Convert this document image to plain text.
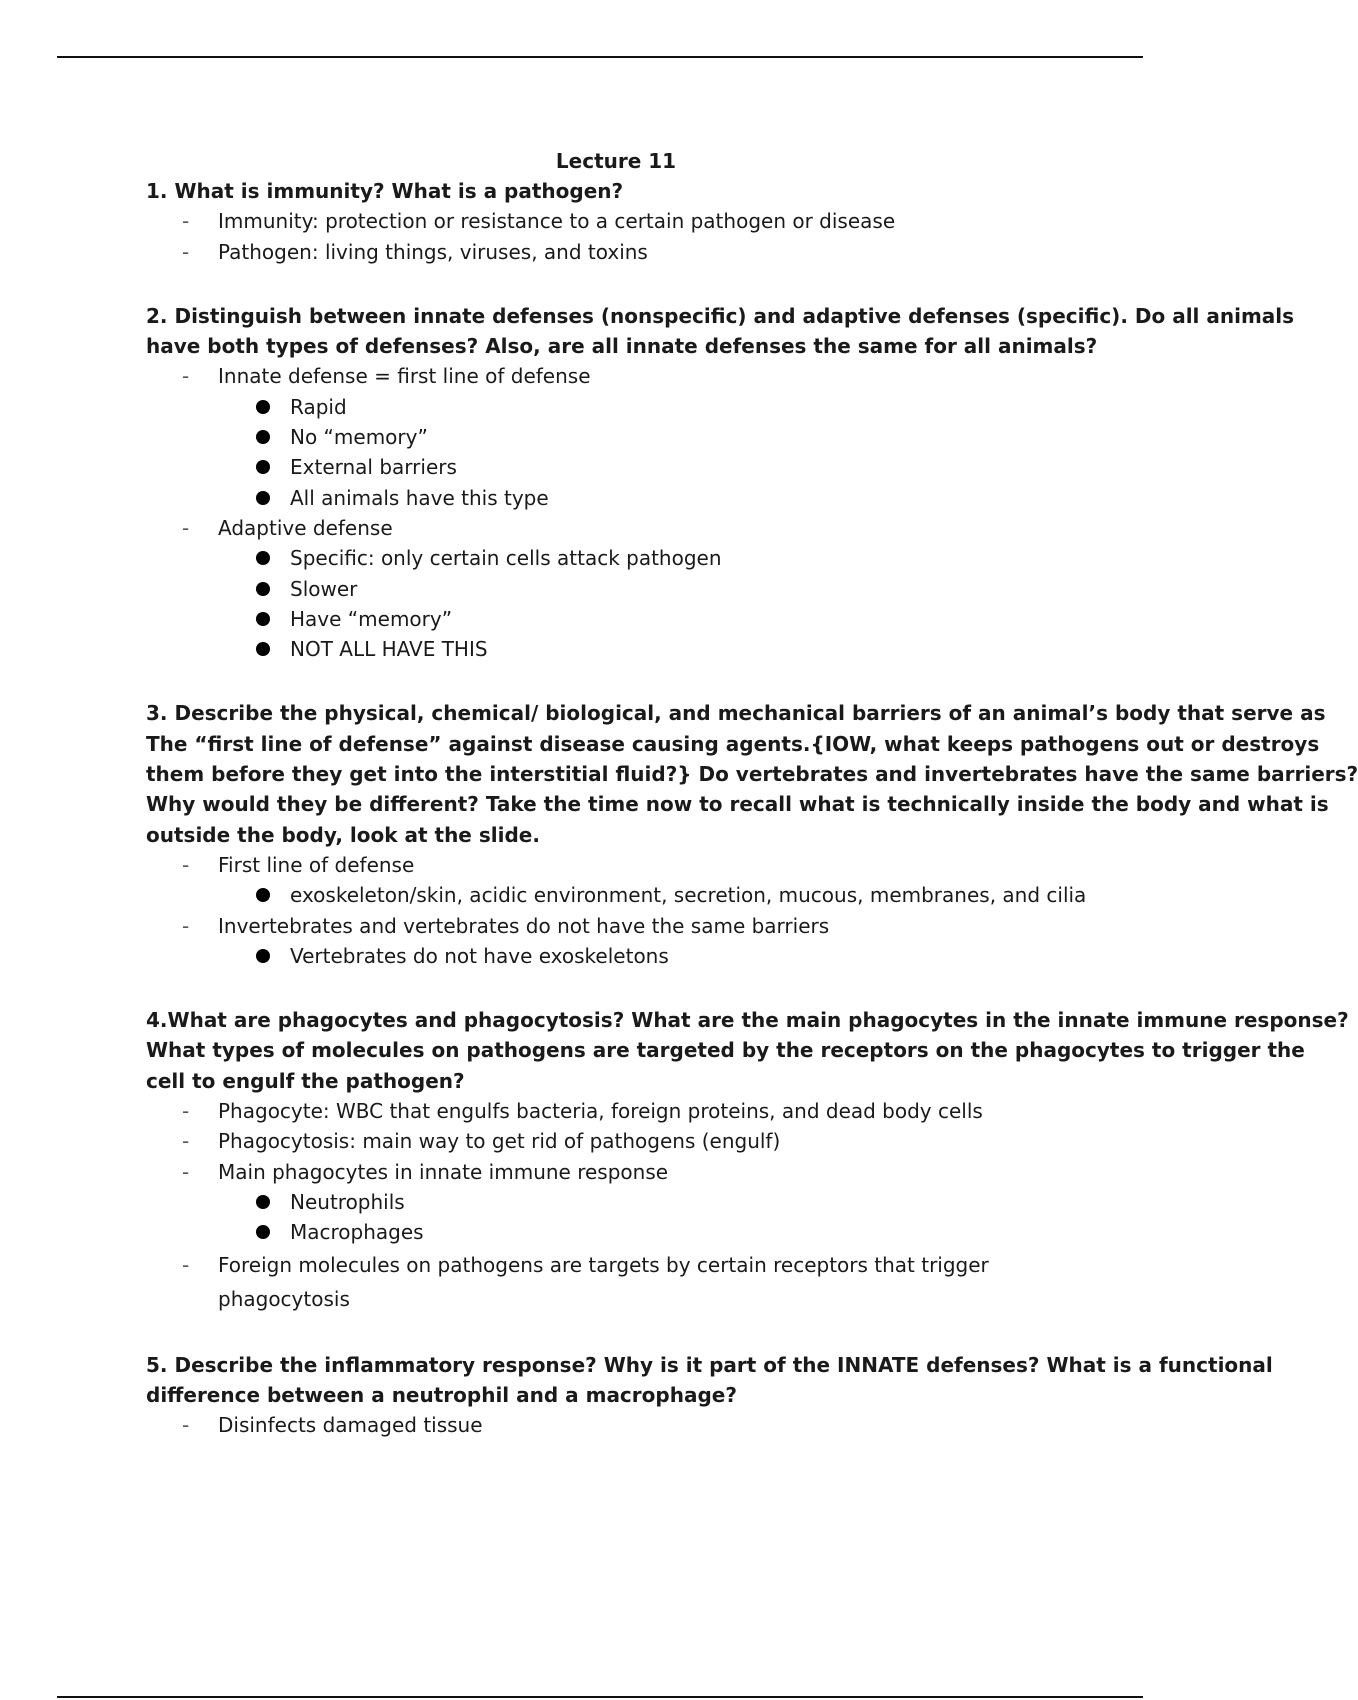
Lecture 11
1. What is immunity? What is a pathogen?
- Immunity: protection or resistance to a certain pathogen or disease
- Pathogen: living things, viruses, and toxins
2. Distinguish between innate defenses (nonspecific) and adaptive defenses (specific). Do all animals
have both types of defenses? Also, are all innate defenses the same for all animals?
- Innate defense = first line of defense
Rapid
No “memory”
External barriers
All animals have this type
- Adaptive defense
Specific: only certain cells attack pathogen
Slower
Have “memory”
NOT ALL HAVE THIS
3. Describe the physical, chemical/ biological, and mechanical barriers of an animal’s body that serve as
The “first line of defense” against disease causing agents.{IOW, what keeps pathogens out or destroys
them before they get into the interstitial fluid?} Do vertebrates and invertebrates have the same barriers?
Why would they be different? Take the time now to recall what is technically inside the body and what is
outside the body, look at the slide.
- First line of defense
exoskeleton/skin, acidic environment, secretion, mucous, membranes, and cilia
- Invertebrates and vertebrates do not have the same barriers
Vertebrates do not have exoskeletons
4.What are phagocytes and phagocytosis? What are the main phagocytes in the innate immune response?
What types of molecules on pathogens are targeted by the receptors on the phagocytes to trigger the
cell to engulf the pathogen?
- Phagocyte: WBC that engulfs bacteria, foreign proteins, and dead body cells
- Phagocytosis: main way to get rid of pathogens (engulf)
- Main phagocytes in innate immune response
Neutrophils
Macrophages
- Foreign molecules on pathogens are targets by certain receptors that trigger
phagocytosis
5. Describe the inflammatory response? Why is it part of the INNATE defenses? What is a functional
difference between a neutrophil and a macrophage?
- Disinfects damaged tissue
